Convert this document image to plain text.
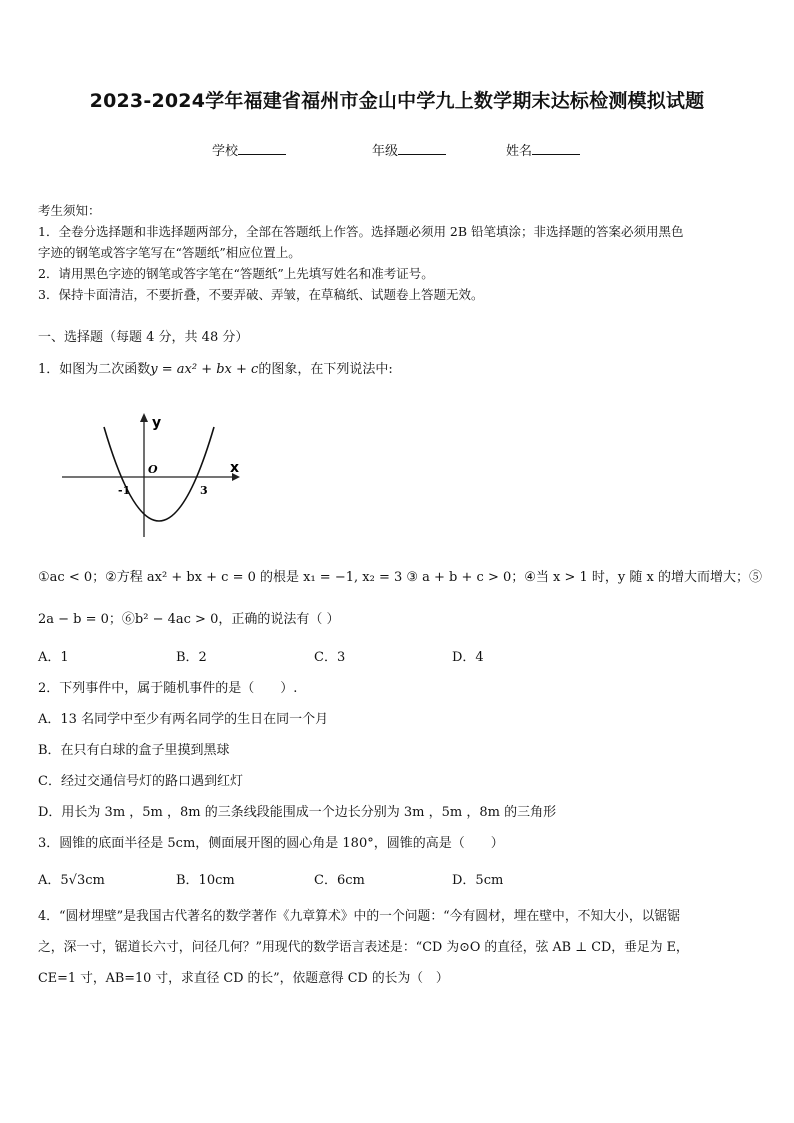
2023-2024学年福建省福州市金山中学九上数学期末达标检测模拟试题
学校	年级	姓名
考生须知：
1．全卷分选择题和非选择题两部分，全部在答题纸上作答。选择题必须用 2B 铅笔填涂；非选择题的答案必须用黑色
字迹的钢笔或答字笔写在“答题纸”相应位置上。
2．请用黑色字迹的钢笔或答字笔在“答题纸”上先填写姓名和准考证号。
3．保持卡面清洁，不要折叠，不要弄破、弄皱，在草稿纸、试题卷上答题无效。
一、选择题（每题 4 分，共 48 分）
1．如图为二次函数y = ax² + bx + c的图象，在下列说法中:
y
x
O
-1	3
①ac < 0；②方程 ax² + bx + c = 0 的根是 x₁ = −1, x₂ = 3 ③ a + b + c > 0；④当 x > 1 时，y 随 x 的增大而增大；⑤
2a − b = 0；⑥b² − 4ac > 0，正确的说法有（ ）
A．1	B．2	C．3	D．4
2．下列事件中，属于随机事件的是（　　）.
A．13 名同学中至少有两名同学的生日在同一个月
B．在只有白球的盒子里摸到黑球
C．经过交通信号灯的路口遇到红灯
D．用长为 3m ，5m ，8m 的三条线段能围成一个边长分别为 3m ，5m ，8m 的三角形
3．圆锥的底面半径是 5cm，侧面展开图的圆心角是 180°，圆锥的高是（　　）
A．5√3cm	B．10cm	C．6cm	D．5cm
4．“圆材埋壁”是我国古代著名的数学著作《九章算术》中的一个问题：“今有圆材，埋在壁中，不知大小，以锯锯
之，深一寸，锯道长六寸，问径几何？”用现代的数学语言表述是：“CD 为⊙O 的直径，弦 AB ⊥ CD，垂足为 E，
CE=1 寸，AB=10 寸，求直径 CD 的长”，依题意得 CD 的长为（　）
